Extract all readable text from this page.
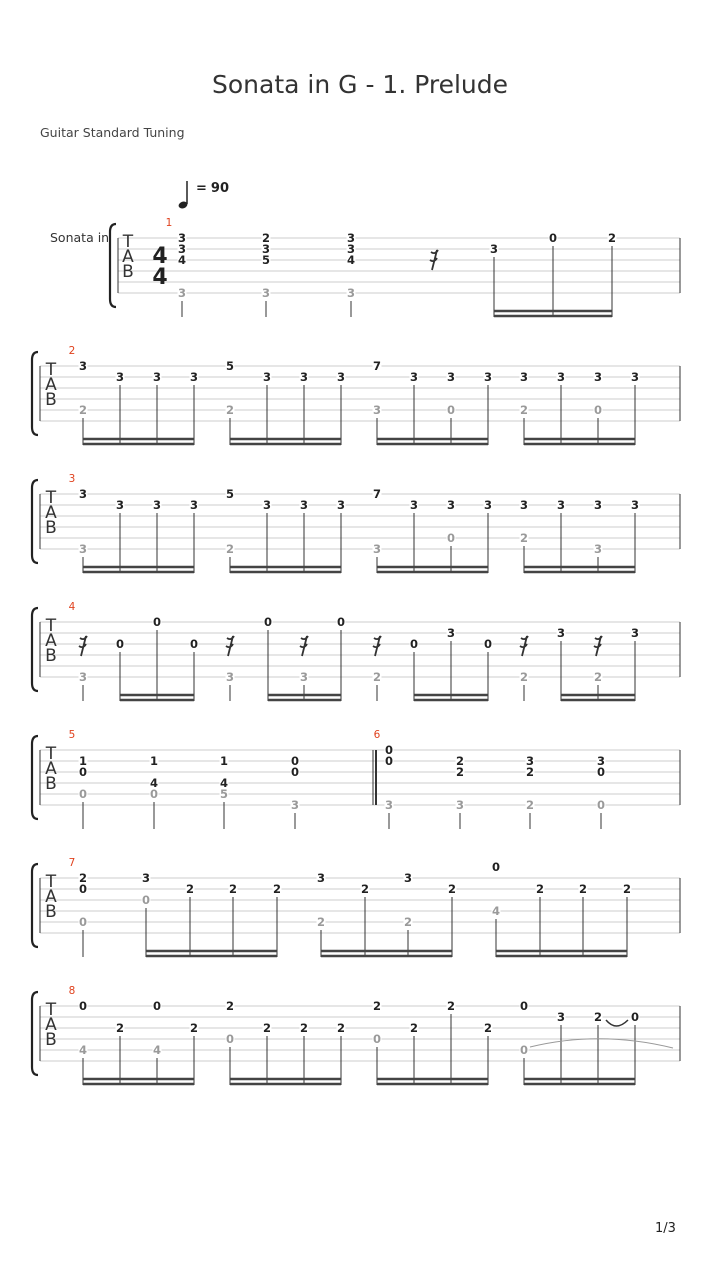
Sonata in G - 1. Prelude
Guitar Standard Tuning
= 90
Sonata in T
A
B
T
A
B
T
A
B
T
A
B
T
A
B
T
A
B
T
A
B
4
4
1
2
3
4
5	6
7
8
3
3
4
3
2
3
5
3
3
3
4
3
3
0	2
3
2
3	3	3
5
2
3	3	3
7
3
3	3
0
3 3
2
3	3
0
3
3
3
3	3	3
5
2
3	3	3
7
3
3	3
0
3 3
2
3	3
3
3
3
0
0
0
3
0
3
0
2
0
3
0
2
3
2
3
1
0
0
1
4
0
1
4
5
0
0
3
0
0
3
2
2
3
3
2
2
3
0
0
2
0
0
3
0
2	2	2
2
3
2
2
3
2
0
4
2	2	2
0
4
2
0
4
2
2
0
2	2	2
2
0
2
2
2
0
0
3	2	0
1/3
